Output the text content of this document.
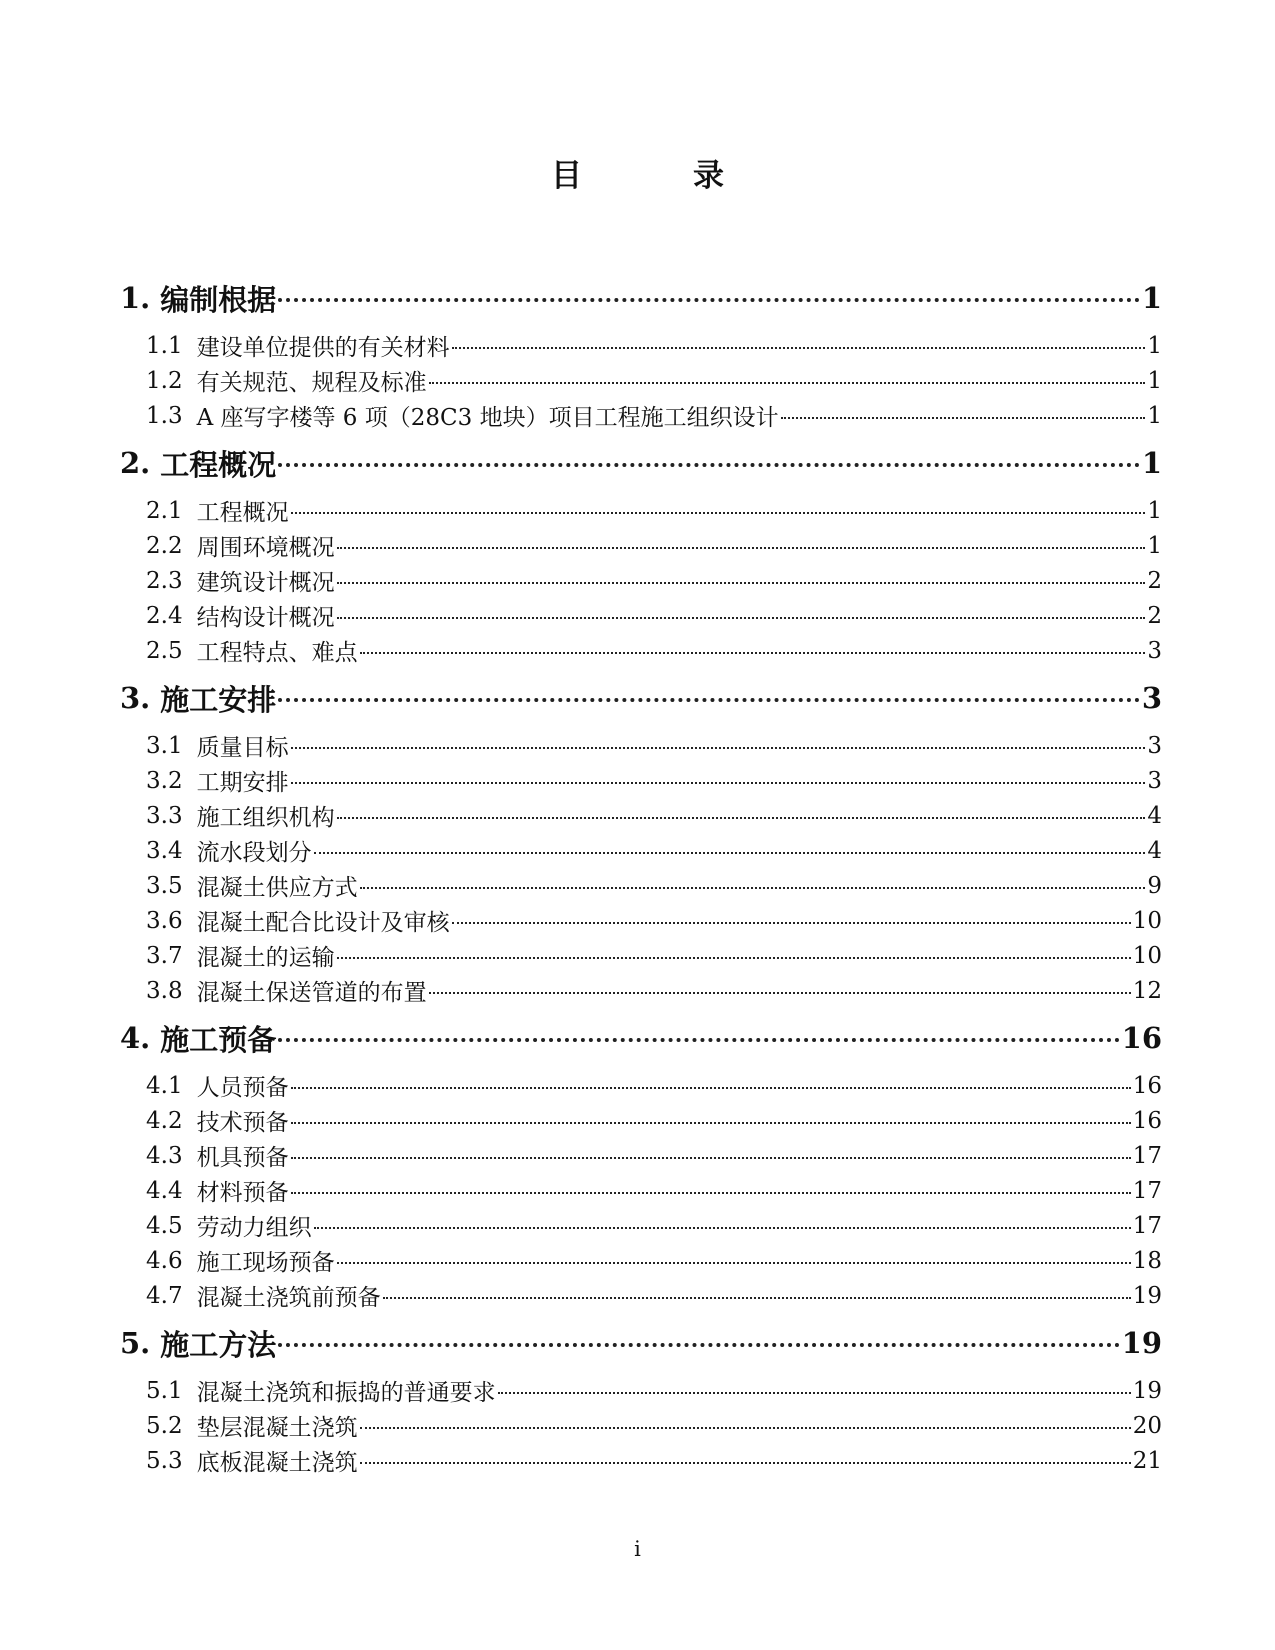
目　录
1. 编制根据	1
1.1 建设单位提供的有关材料	1
1.2 有关规范、规程及标准	1
1.3 A 座写字楼等 6 项（28C3 地块）项目工程施工组织设计	1
2. 工程概况	1
2.1 工程概况	1
2.2 周围环境概况	1
2.3 建筑设计概况	2
2.4 结构设计概况	2
2.5 工程特点、难点	3
3. 施工安排	3
3.1 质量目标	3
3.2 工期安排	3
3.3 施工组织机构	4
3.4 流水段划分	4
3.5 混凝土供应方式	9
3.6 混凝土配合比设计及审核	10
3.7 混凝土的运输	10
3.8 混凝土保送管道的布置	12
4. 施工预备	16
4.1 人员预备	16
4.2 技术预备	16
4.3 机具预备	17
4.4 材料预备	17
4.5 劳动力组织	17
4.6 施工现场预备	18
4.7 混凝土浇筑前预备	19
5. 施工方法	19
5.1 混凝土浇筑和振捣的普通要求	19
5.2 垫层混凝土浇筑	20
5.3 底板混凝土浇筑	21
i
